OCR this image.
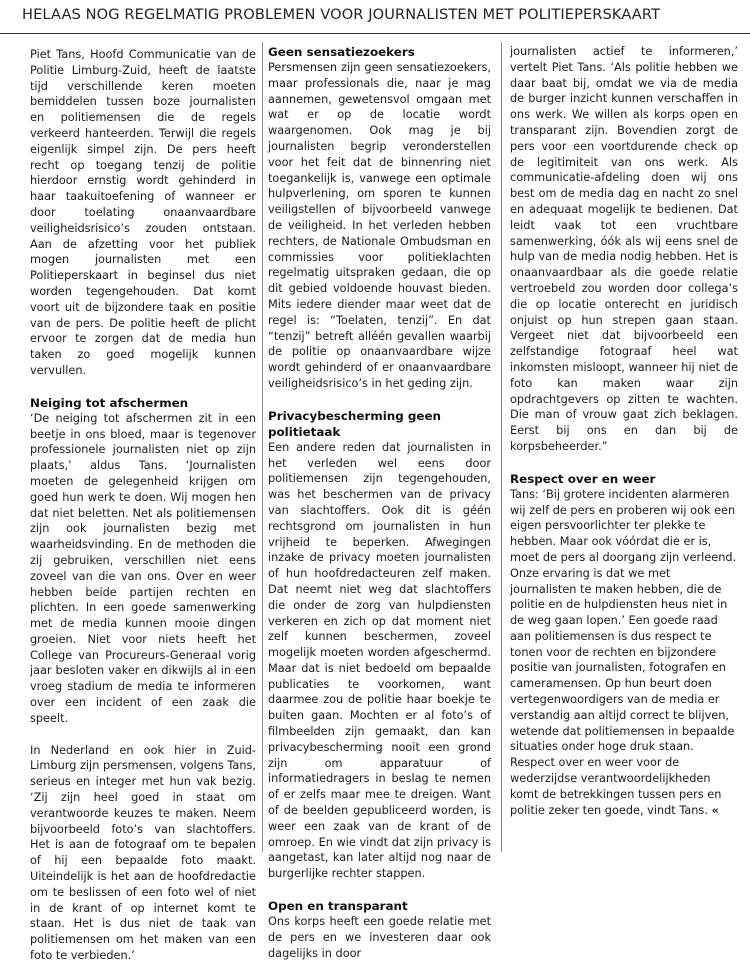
HELAAS NOG REGELMATIG PROBLEMEN VOOR JOURNALISTEN MET POLITIEPERSKAART

Piet Tans, Hoofd Communicatie van de Politie Limburg-Zuid, heeft de laatste tijd verschillende keren moeten bemiddelen tussen boze journalisten en politiemensen die de regels verkeerd hanteerden. Terwijl die regels eigenlijk simpel zijn. De pers heeft recht op toegang tenzij de politie hierdoor ernstig wordt gehinderd in haar taakuitoefening of wanneer er door toelating onaanvaardbare veiligheidsrisico’s zouden ontstaan. Aan de afzetting voor het publiek mogen journalisten met een Politieperskaart in beginsel dus niet worden tegengehouden. Dat komt voort uit de bijzondere taak en positie van de pers. De politie heeft de plicht ervoor te zorgen dat de media hun taken zo goed mogelijk kunnen vervullen.

Neiging tot afschermen

‘De neiging tot afschermen zit in een beetje in ons bloed, maar is tegenover professionele journalisten niet op zijn plaats,’ aldus Tans. ‘Journalisten moeten de gelegenheid krijgen om goed hun werk te doen. Wij mogen hen dat niet beletten. Net als politiemensen zijn ook journalisten bezig met waarheidsvinding. En de methoden die zij gebruiken, verschillen niet eens zoveel van die van ons. Over en weer hebben beide partijen rechten en plichten. In een goede samenwerking met de media kunnen mooie dingen groeien. Niet voor niets heeft het College van Procureurs-Generaal vorig jaar besloten vaker en dikwijls al in een vroeg stadium de media te informeren over een incident of een zaak die speelt.

In Nederland en ook hier in Zuid-Limburg zijn persmensen, volgens Tans, serieus en integer met hun vak bezig. ‘Zij zijn heel goed in staat om verantwoorde keuzes te maken. Neem bijvoorbeeld foto’s van slachtoffers. Het is aan de fotograaf om te bepalen of hij een bepaalde foto maakt. Uiteindelijk is het aan de hoofdredactie om te beslissen of een foto wel of niet in de krant of op internet komt te staan. Het is dus niet de taak van politiemensen om het maken van een foto te verbieden.’

Geen sensatiezoekers

Persmensen zijn geen sensatiezoekers, maar professionals die, naar je mag aannemen, gewetensvol omgaan met wat er op de locatie wordt waargenomen. Ook mag je bij journalisten begrip veronderstellen voor het feit dat de binnenring niet toegankelijk is, vanwege een optimale hulpverlening, om sporen te kunnen veiligstellen of bijvoorbeeld vanwege de veiligheid. In het verleden hebben rechters, de Nationale Ombudsman en commissies voor politieklachten regelmatig uitspraken gedaan, die op dit gebied voldoende houvast bieden. Mits iedere diender maar weet dat de regel is: “Toelaten, tenzij”. En dat “tenzij” betreft alléén gevallen waarbij de politie op onaanvaardbare wijze wordt gehinderd of er onaanvaardbare veiligheidsrisico’s in het geding zijn.

Privacybescherming geen politietaak

Een andere reden dat journalisten in het verleden wel eens door politiemensen zijn tegengehouden, was het beschermen van de privacy van slachtoffers. Ook dit is géén rechtsgrond om journalisten in hun vrijheid te beperken. Afwegingen inzake de privacy moeten journalisten of hun hoofdredacteuren zelf maken. Dat neemt niet weg dat slachtoffers die onder de zorg van hulpdiensten verkeren en zich op dat moment niet zelf kunnen beschermen, zoveel mogelijk moeten worden afgeschermd. Maar dat is niet bedoeld om bepaalde publicaties te voorkomen, want daarmee zou de politie haar boekje te buiten gaan. Mochten er al foto’s of filmbeelden zijn gemaakt, dan kan privacybescherming nooit een grond zijn om apparatuur of informatiedragers in beslag te nemen of er zelfs maar mee te dreigen. Want of de beelden gepubliceerd worden, is weer een zaak van de krant of de omroep. En wie vindt dat zijn privacy is aangetast, kan later altijd nog naar de burgerlijke rechter stappen.

Open en transparant

Ons korps heeft een goede relatie met de pers en we investeren daar ook dagelijks in door

journalisten actief te informeren,’ vertelt Piet Tans. ‘Als politie hebben we daar baat bij, omdat we via de media de burger inzicht kunnen verschaffen in ons werk. We willen als korps open en transparant zijn. Bovendien zorgt de pers voor een voortdurende check op de legitimiteit van ons werk. Als communicatie-afdeling doen wij ons best om de media dag en nacht zo snel en adequaat mogelijk te bedienen. Dat leidt vaak tot een vruchtbare samenwerking, óók als wij eens snel de hulp van de media nodig hebben. Het is onaanvaardbaar als die goede relatie vertroebeld zou worden door collega’s die op locatie onterecht en juridisch onjuist op hun strepen gaan staan. Vergeet niet dat bijvoorbeeld een zelfstandige fotograaf heel wat inkomsten misloopt, wanneer hij niet de foto kan maken waar zijn opdrachtgevers op zitten te wachten. Die man of vrouw gaat zich beklagen. Eerst bij ons en dan bij de korpsbeheerder.”

Respect over en weer

Tans: ‘Bij grotere incidenten alarmeren wij zelf de pers en proberen wij ook een eigen persvoorlichter ter plekke te hebben. Maar ook vóórdat die er is, moet de pers al doorgang zijn verleend. Onze ervaring is dat we met journalisten te maken hebben, die de politie en de hulpdiensten heus niet in de weg gaan lopen.’ Een goede raad aan politiemensen is dus respect te tonen voor de rechten en bijzondere positie van journalisten, fotografen en cameramensen. Op hun beurt doen vertegenwoordigers van de media er verstandig aan altijd correct te blijven, wetende dat politiemensen in bepaalde situaties onder hoge druk staan. Respect over en weer voor de wederzijdse verantwoordelijkheden komt de betrekkingen tussen pers en politie zeker ten goede, vindt Tans. «
